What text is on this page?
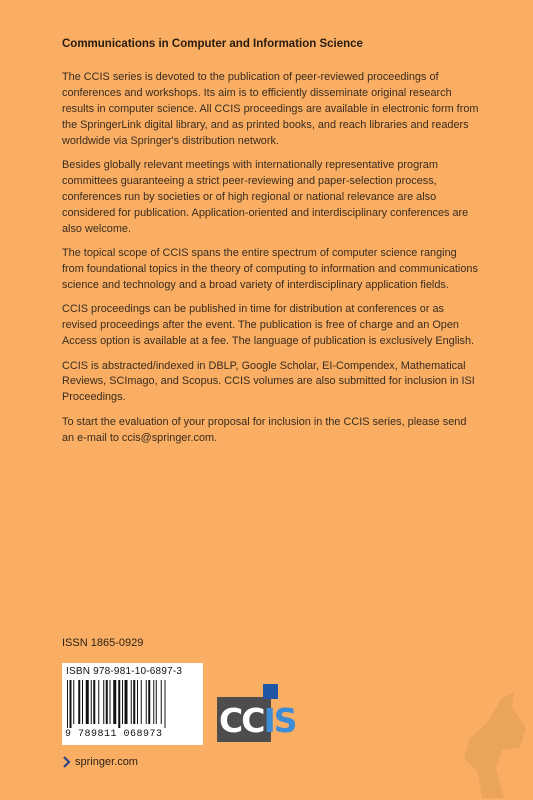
Communications in Computer and Information Science

The CCIS series is devoted to the publication of peer-reviewed proceedings of conferences and workshops. Its aim is to efficiently disseminate original research results in computer science. All CCIS proceedings are available in electronic form from the SpringerLink digital library, and as printed books, and reach libraries and readers worldwide via Springer's distribution network.

Besides globally relevant meetings with internationally representative program committees guaranteeing a strict peer-reviewing and paper-selection process, conferences run by societies or of high regional or national relevance are also considered for publication. Application-oriented and interdisciplinary conferences are also welcome.

The topical scope of CCIS spans the entire spectrum of computer science ranging from foundational topics in the theory of computing to information and communications science and technology and a broad variety of interdisciplinary application fields.

CCIS proceedings can be published in time for distribution at conferences or as revised proceedings after the event. The publication is free of charge and an Open Access option is available at a fee. The language of publication is exclusively English.

CCIS is abstracted/indexed in DBLP, Google Scholar, EI-Compendex, Mathematical Reviews, SCImago, and Scopus. CCIS volumes are also submitted for inclusion in ISI Proceedings.

To start the evaluation of your proposal for inclusion in the CCIS series, please send an e-mail to ccis@springer.com.

ISSN 1865-0929
ISBN 978-981-10-6897-3
9 789811 068973 CCIS
springer.com
